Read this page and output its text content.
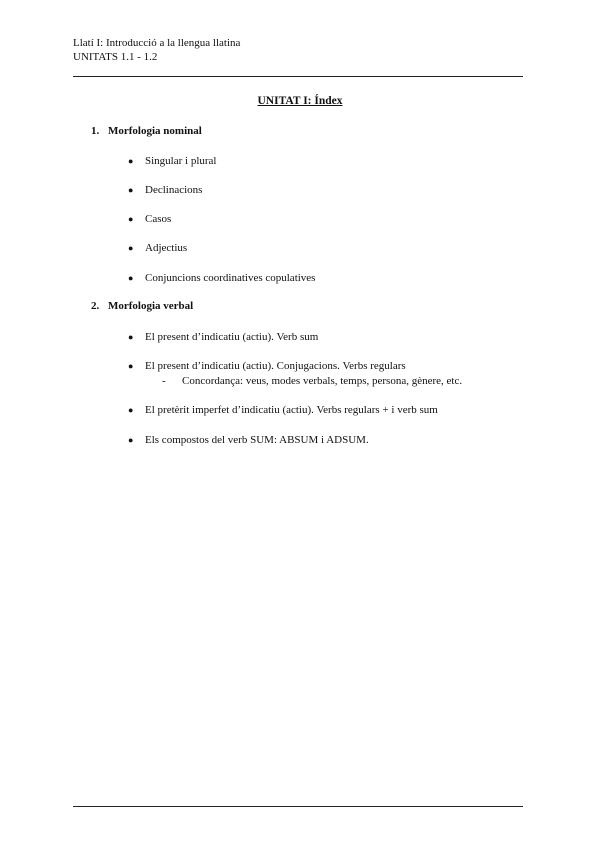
Llatí I: Introducció a la llengua llatina
UNITATS 1.1 - 1.2
UNITAT I: Índex
1. Morfologia nominal
● Singular i plural
● Declinacions
● Casos
● Adjectius
● Conjuncions coordinatives copulatives
2. Morfologia verbal
● El present d’indicatiu (actiu). Verb sum
● El present d’indicatiu (actiu). Conjugacions. Verbs regulars
- Concordança: veus, modes verbals, temps, persona, gènere, etc.
● El pretèrit imperfet d’indicatiu (actiu). Verbs regulars + i verb sum
● Els compostos del verb SUM: ABSUM i ADSUM.
